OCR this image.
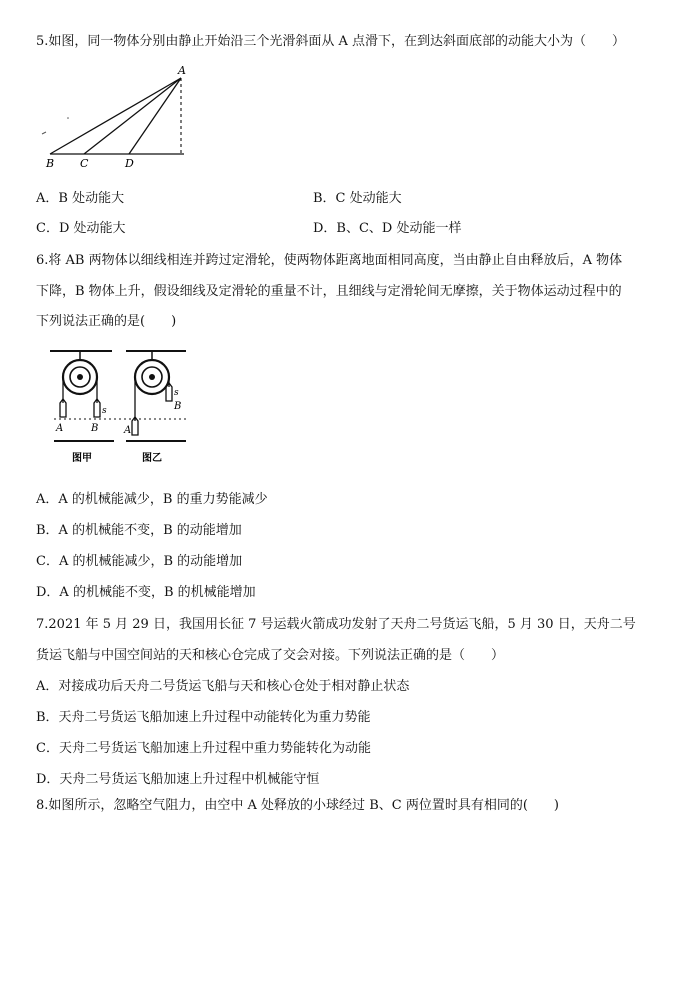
5.如图，同一物体分别由静止开始沿三个光滑斜面从 A 点滑下，在到达斜面底部的动能大小为（　　）
A
B C	D
A．B 处动能大	B．C 处动能大
C．D 处动能大	D．B、C、D 处动能一样
6.将 AB 两物体以细线相连并跨过定滑轮，使两物体距离地面相同高度，当由静止自由释放后，A 物体
下降，B 物体上升，假设细线及定滑轮的重量不计，且细线与定滑轮间无摩擦，关于物体运动过程中的
下列说法正确的是(　　)
s
A	B
图甲
s
B
A
图乙
A．A 的机械能减少，B 的重力势能减少
B．A 的机械能不变，B 的动能增加
C．A 的机械能减少，B 的动能增加
D．A 的机械能不变，B 的机械能增加
7.2021 年 5 月 29 日，我国用长征 7 号运载火箭成功发射了天舟二号货运飞船，5 月 30 日，天舟二号
货运飞船与中国空间站的天和核心仓完成了交会对接。下列说法正确的是（　　）
A．对接成功后天舟二号货运飞船与天和核心仓处于相对静止状态
B．天舟二号货运飞船加速上升过程中动能转化为重力势能
C．天舟二号货运飞船加速上升过程中重力势能转化为动能
D．天舟二号货运飞船加速上升过程中机械能守恒
8.如图所示，忽略空气阻力，由空中 A 处释放的小球经过 B、C 两位置时具有相同的(　　)
